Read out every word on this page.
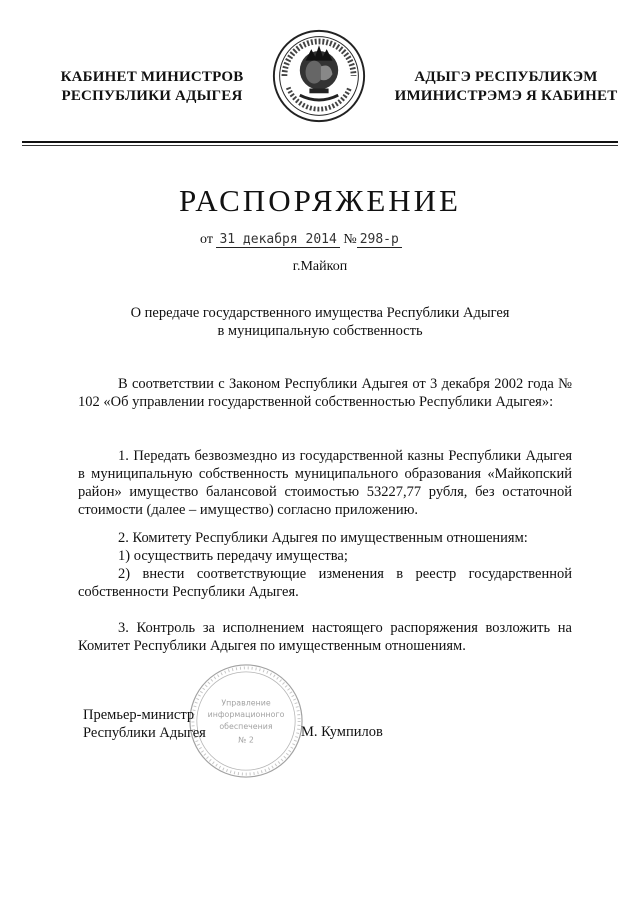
КАБИНЕТ МИНИСТРОВ
РЕСПУБЛИКИ АДЫГЕЯ
АДЫГЭ РЕСПУБЛИКЭМ
ИМИНИСТРЭМЭ Я КАБИНЕТ
РАСПОРЯЖЕНИЕ
от 31 декабря 2014 № 298-р
г.Майкоп
О передаче государственного имущества Республики Адыгея
в муниципальную собственность

В соответствии с Законом Республики Адыгея от 3 декабря 2002 года № 102 «Об управлении государственной собственностью Республики Адыгея»:

1. Передать безвозмездно из государственной казны Республики Адыгея в муниципальную собственность муниципального образования «Майкопский район» имущество балансовой стоимостью 53227,77 рубля, без остаточной стоимости (далее – имущество) согласно приложению.

2. Комитету Республики Адыгея по имущественным отношениям:

1) осуществить передачу имущества;

2) внести соответствующие изменения в реестр государственной собственности Республики Адыгея.

3. Контроль за исполнением настоящего распоряжения возложить на Комитет Республики Адыгея по имущественным отношениям.

Управление
информационного
обеспечения
№ 2
Премьер-министр
Республики Адыгея	М. Кумпилов
